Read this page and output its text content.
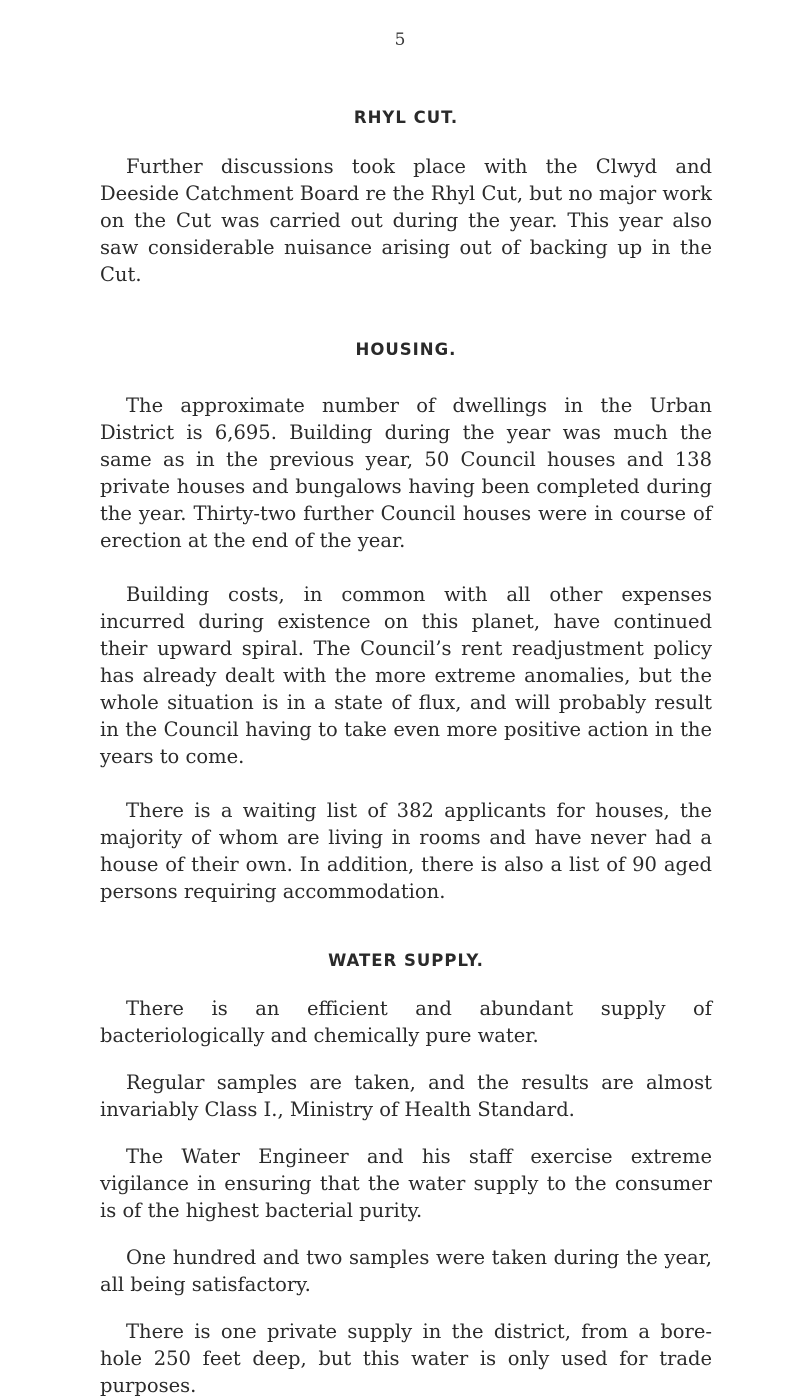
5
RHYL CUT.

Further discussions took place with the Clwyd and Deeside Catchment Board re the Rhyl Cut, but no major work on the Cut was carried out during the year. This year also saw considerable nuisance arising out of backing up in the Cut.

HOUSING.

The approximate number of dwellings in the Urban District is 6,695. Building during the year was much the same as in the previous year, 50 Council houses and 138 private houses and bungalows having been completed during the year. Thirty-two further Council houses were in course of erection at the end of the year.

Building costs, in common with all other expenses incurred during existence on this planet, have continued their upward spiral. The Council’s rent readjustment policy has already dealt with the more extreme anomalies, but the whole situation is in a state of flux, and will probably result in the Council having to take even more positive action in the years to come.

There is a waiting list of 382 applicants for houses, the majority of whom are living in rooms and have never had a house of their own. In addition, there is also a list of 90 aged persons requiring accommodation.

WATER SUPPLY.

There is an efficient and abundant supply of bacteriologically and chemically pure water.

Regular samples are taken, and the results are almost invariably Class I., Ministry of Health Standard.

The Water Engineer and his staff exercise extreme vigilance in ensuring that the water supply to the consumer is of the highest bacterial purity.

One hundred and two samples were taken during the year, all being satisfactory.

There is one private supply in the district, from a bore-hole 250 feet deep, but this water is only used for trade purposes.
